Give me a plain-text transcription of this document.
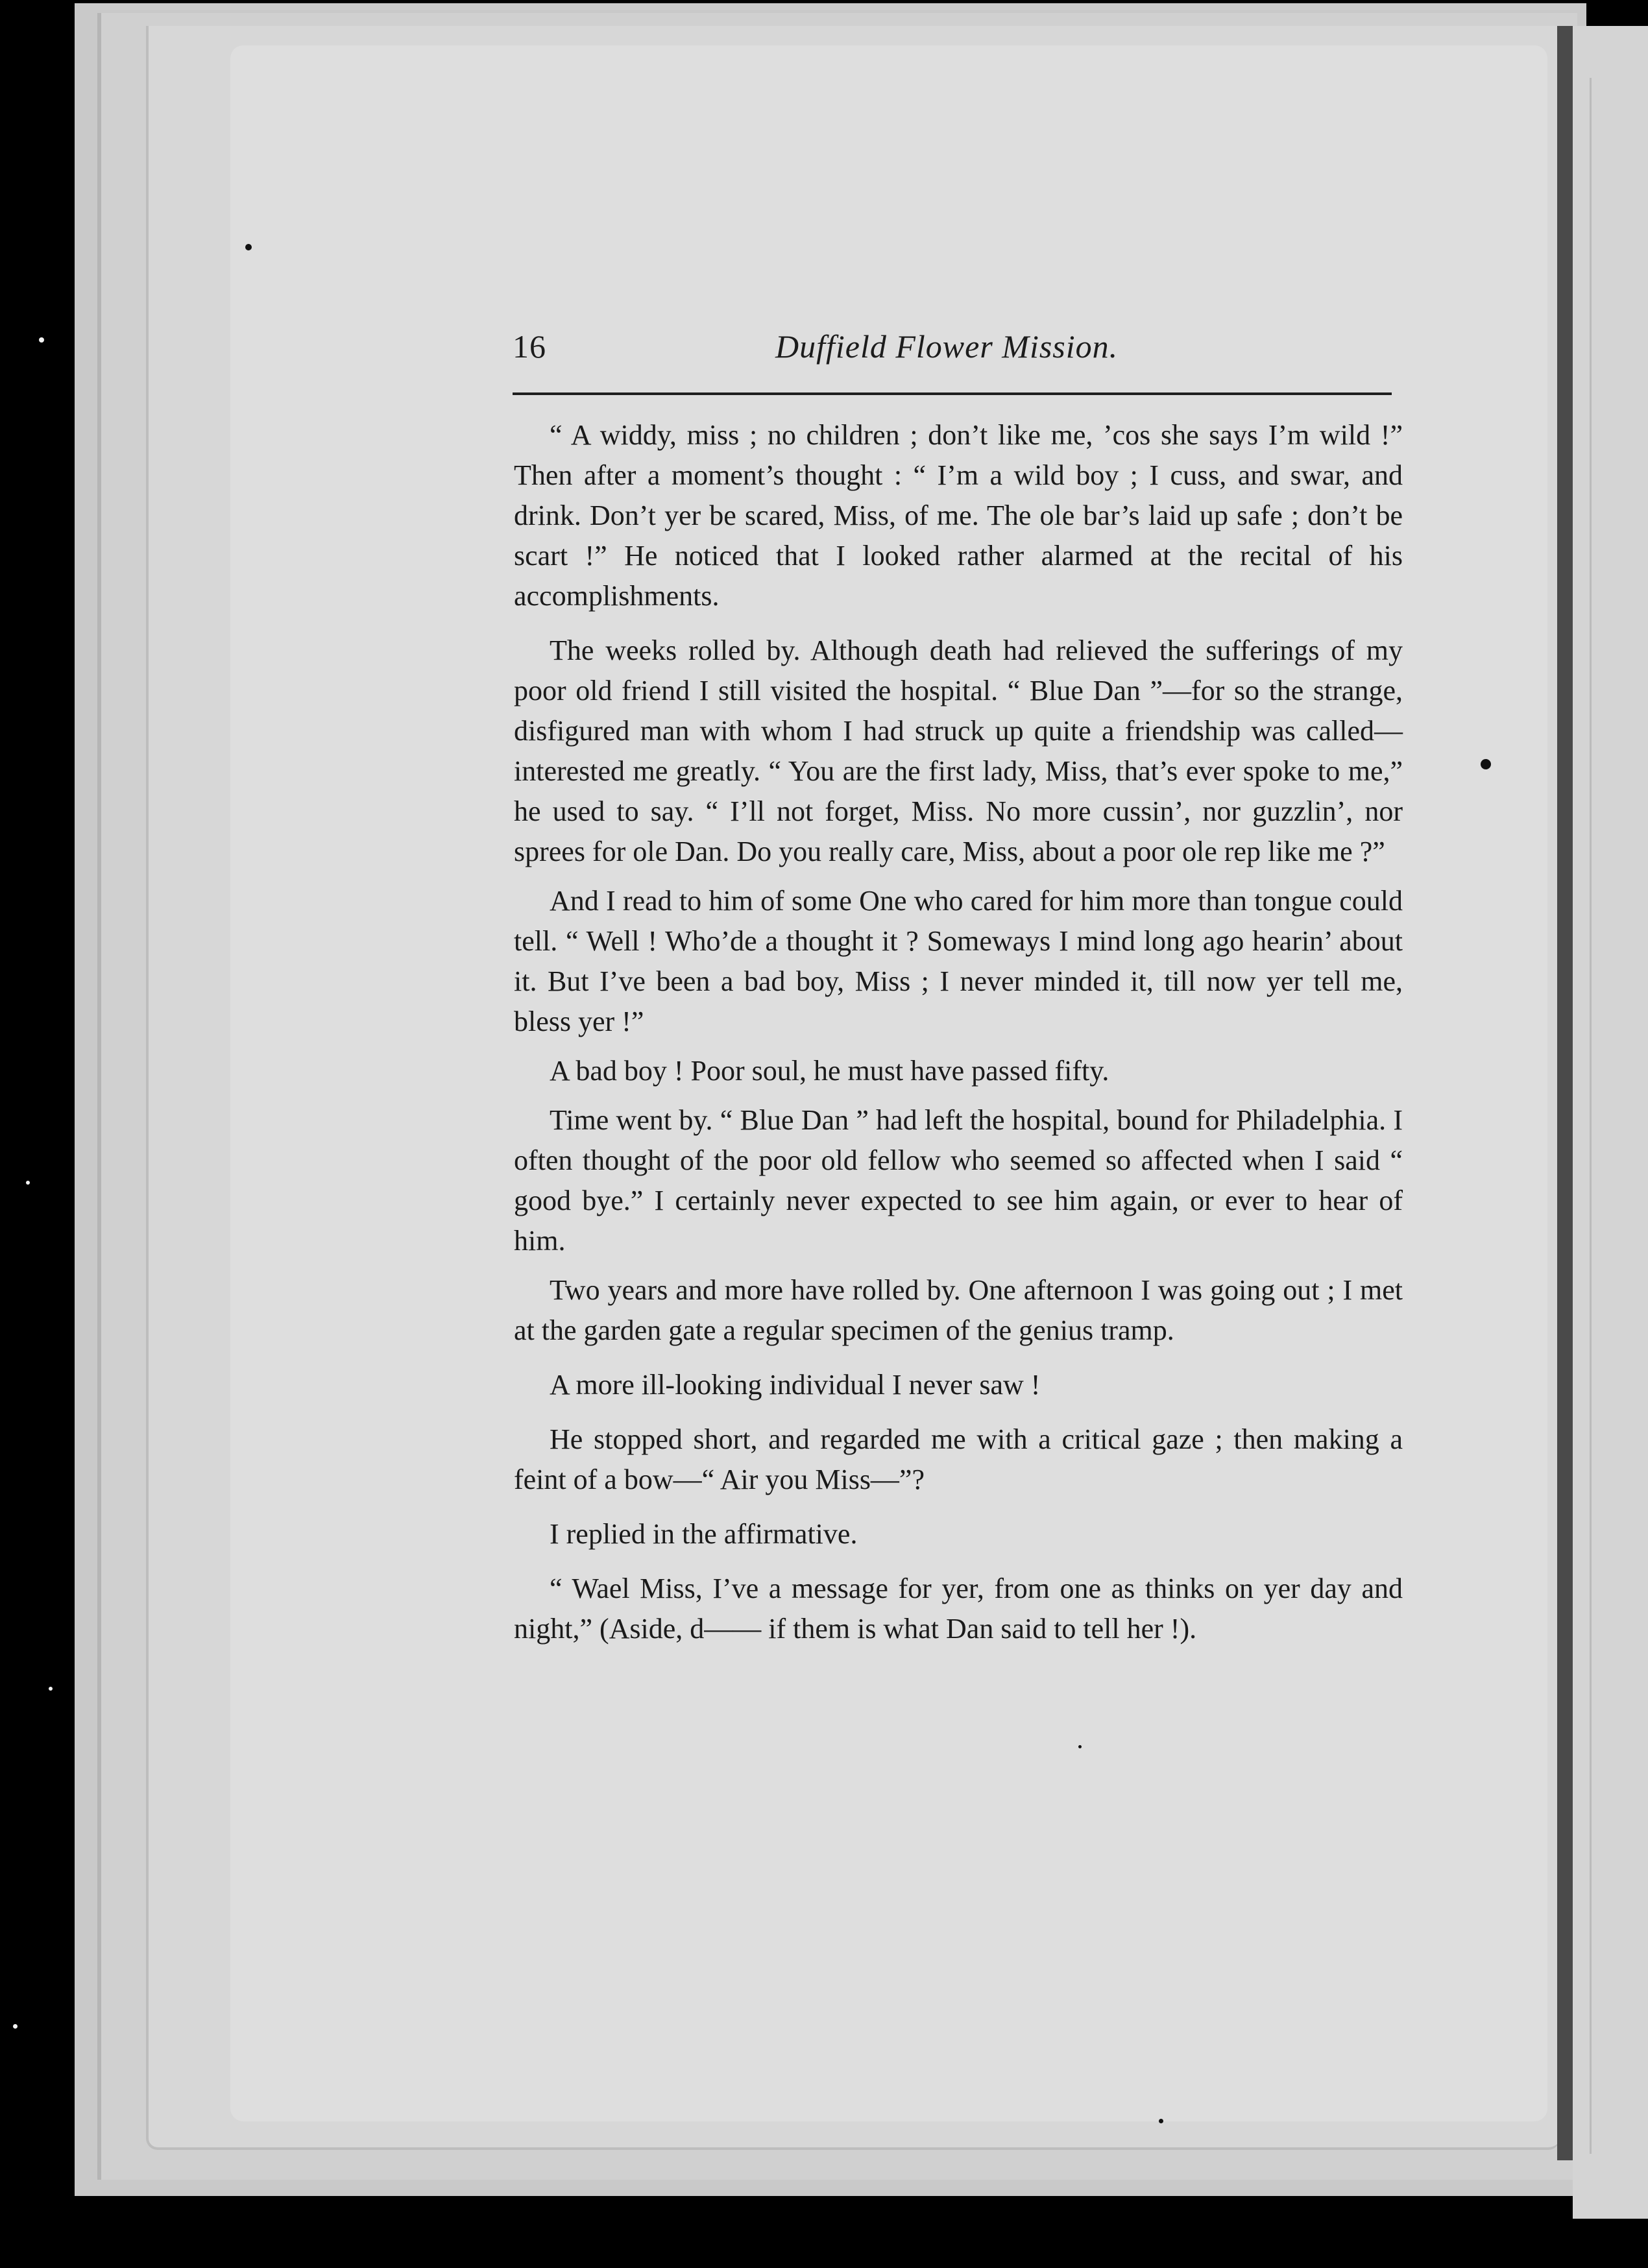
16	Duffield Flower Mission.

“ A widdy, miss ; no children ; don’t like me, ’cos she says I’m wild !” Then after a moment’s thought : “ I’m a wild boy ; I cuss, and swar, and drink. Don’t yer be scared, Miss, of me. The ole bar’s laid up safe ; don’t be scart !” He noticed that I looked rather alarmed at the recital of his accomplishments.

The weeks rolled by. Although death had relieved the sufferings of my poor old friend I still visited the hospital. “ Blue Dan ”—for so the strange, disfigured man with whom I had struck up quite a friendship was called—interested me greatly. “ You are the first lady, Miss, that’s ever spoke to me,” he used to say. “ I’ll not forget, Miss. No more cussin’, nor guzzlin’, nor sprees for ole Dan. Do you really care, Miss, about a poor ole rep like me ?”

And I read to him of some One who cared for him more than tongue could tell. “ Well ! Who’de a thought it ? Someways I mind long ago hearin’ about it. But I’ve been a bad boy, Miss ; I never minded it, till now yer tell me, bless yer !”

A bad boy ! Poor soul, he must have passed fifty.

Time went by. “ Blue Dan ” had left the hospital, bound for Philadelphia. I often thought of the poor old fellow who seemed so affected when I said “ good bye.” I certainly never expected to see him again, or ever to hear of him.

Two years and more have rolled by. One afternoon I was going out ; I met at the garden gate a regular specimen of the genius tramp.

A more ill-looking individual I never saw !

He stopped short, and regarded me with a critical gaze ; then making a feint of a bow—“ Air you Miss—”?

I replied in the affirmative.

“ Wael Miss, I’ve a message for yer, from one as thinks on yer day and night,” (Aside, d—— if them is what Dan said to tell her !).
